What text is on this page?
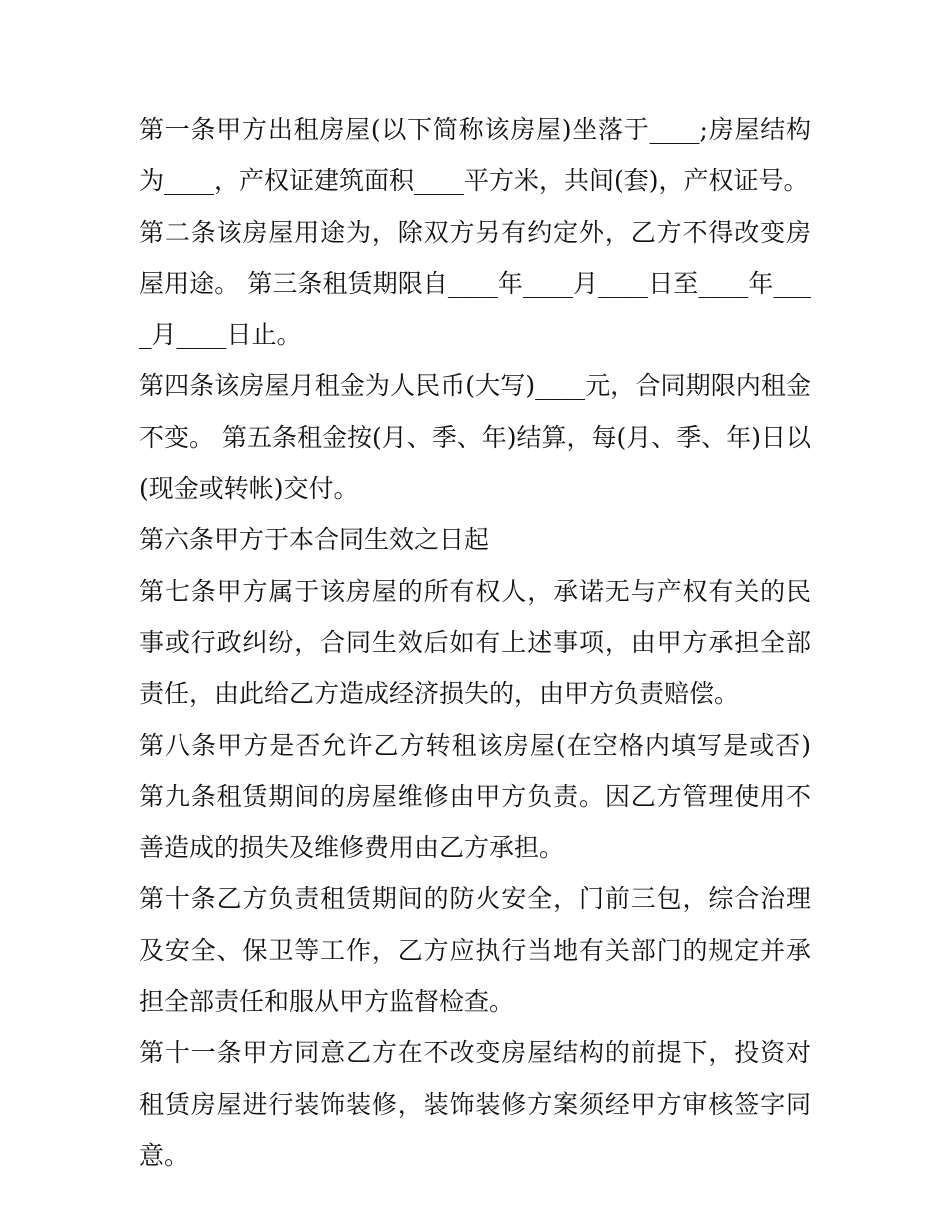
第一条甲方出租房屋(以下简称该房屋)坐落于____;房屋结构为____，产权证建筑面积____平方米，共间(套)，产权证号。

第二条该房屋用途为，除双方另有约定外，乙方不得改变房屋用途。 第三条租赁期限自____年____月____日至____年____月____日止。

第四条该房屋月租金为人民币(大写)____元，合同期限内租金不变。 第五条租金按(月、季、年)结算，每(月、季、年)日以(现金或转帐)交付。

第六条甲方于本合同生效之日起

第七条甲方属于该房屋的所有权人，承诺无与产权有关的民事或行政纠纷，合同生效后如有上述事项，由甲方承担全部责任，由此给乙方造成经济损失的，由甲方负责赔偿。

第八条甲方是否允许乙方转租该房屋(在空格内填写是或否) 第九条租赁期间的房屋维修由甲方负责。因乙方管理使用不善造成的损失及维修费用由乙方承担。

第十条乙方负责租赁期间的防火安全，门前三包，综合治理及安全、保卫等工作，乙方应执行当地有关部门的规定并承担全部责任和服从甲方监督检查。

第十一条甲方同意乙方在不改变房屋结构的前提下，投资对租赁房屋进行装饰装修，装饰装修方案须经甲方审核签字同意。
